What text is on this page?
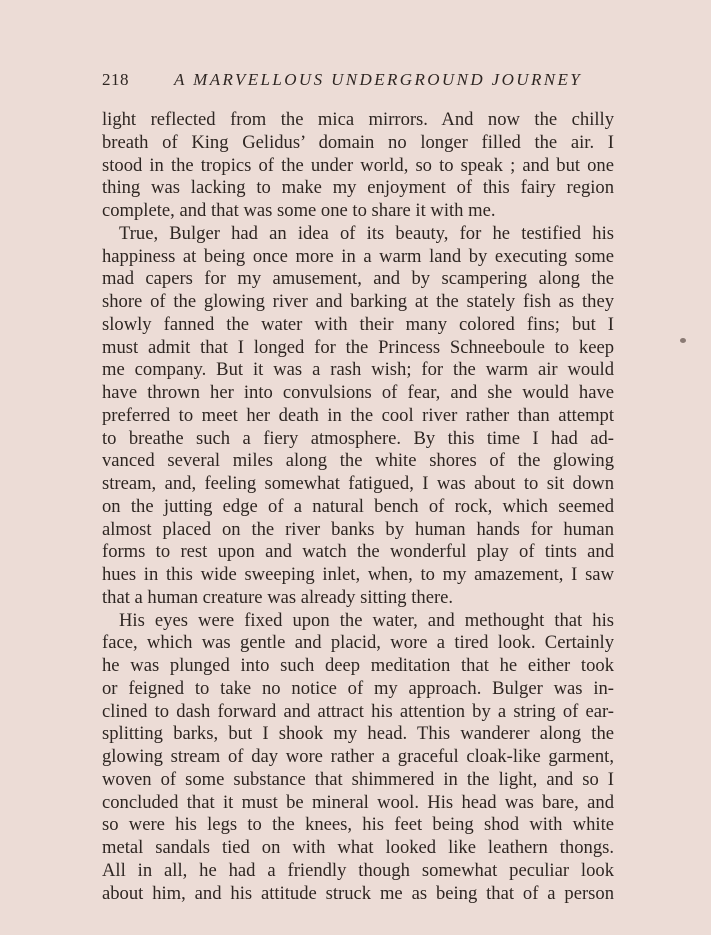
218	A MARVELLOUS UNDERGROUND JOURNEY
light reflected from the mica mirrors. And now the chilly
breath of King Gelidus’ domain no longer filled the air. I
stood in the tropics of the under world, so to speak ; and but one
thing was lacking to make my enjoyment of this fairy region
complete, and that was some one to share it with me.
True, Bulger had an idea of its beauty, for he testified his
happiness at being once more in a warm land by executing some
mad capers for my amusement, and by scampering along the
shore of the glowing river and barking at the stately fish as they
slowly fanned the water with their many colored fins; but I
must admit that I longed for the Princess Schneeboule to keep
me company. But it was a rash wish; for the warm air would
have thrown her into convulsions of fear, and she would have
preferred to meet her death in the cool river rather than attempt
to breathe such a fiery atmosphere. By this time I had ad-
vanced several miles along the white shores of the glowing
stream, and, feeling somewhat fatigued, I was about to sit down
on the jutting edge of a natural bench of rock, which seemed
almost placed on the river banks by human hands for human
forms to rest upon and watch the wonderful play of tints and
hues in this wide sweeping inlet, when, to my amazement, I saw
that a human creature was already sitting there.
His eyes were fixed upon the water, and methought that his
face, which was gentle and placid, wore a tired look. Certainly
he was plunged into such deep meditation that he either took
or feigned to take no notice of my approach. Bulger was in-
clined to dash forward and attract his attention by a string of ear-
splitting barks, but I shook my head. This wanderer along the
glowing stream of day wore rather a graceful cloak-like garment,
woven of some substance that shimmered in the light, and so I
concluded that it must be mineral wool. His head was bare, and
so were his legs to the knees, his feet being shod with white
metal sandals tied on with what looked like leathern thongs.
All in all, he had a friendly though somewhat peculiar look
about him, and his attitude struck me as being that of a person
